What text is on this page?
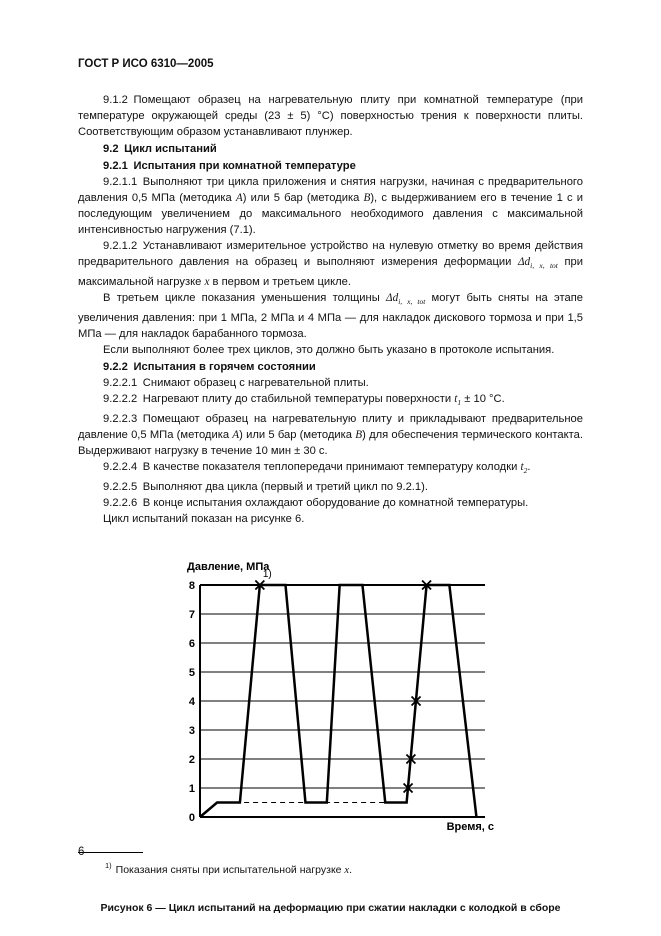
ГОСТ Р ИСО 6310—2005

9.1.2 Помещают образец на нагревательную плиту при комнатной температуре (при температуре окружающей среды (23 ± 5) °С) поверхностью трения к поверхности плиты. Соответствующим образом устанавливают плунжер.

9.2 Цикл испытаний

9.2.1 Испытания при комнатной температуре

9.2.1.1 Выполняют три цикла приложения и снятия нагрузки, начиная с предварительного давления 0,5 МПа (методика А) или 5 бар (методика В), с выдерживанием его в течение 1 с и последующим увеличением до максимального необходимого давления с максимальной интенсивностью нагружения (7.1).

9.2.1.2 Устанавливают измерительное устройство на нулевую отметку во время действия предварительного давления на образец и выполняют измерения деформации $\Delta d_{i, x, tot}$ при максимальной нагрузке x в первом и третьем цикле.

В третьем цикле показания уменьшения толщины $\Delta d_{i, x, tot}$ могут быть сняты на этапе увеличения давления: при 1 МПа, 2 МПа и 4 МПа — для накладок дискового тормоза и при 1,5 МПа — для накладок барабанного тормоза.

Если выполняют более трех циклов, это должно быть указано в протоколе испытания.

9.2.2 Испытания в горячем состоянии

9.2.2.1 Снимают образец с нагревательной плиты.

9.2.2.2 Нагревают плиту до стабильной температуры поверхности $t_1 \pm 10$ °С.

9.2.2.3 Помещают образец на нагревательную плиту и прикладывают предварительное давление 0,5 МПа (методика А) или 5 бар (методика В) для обеспечения термического контакта. Выдерживают нагрузку в течение 10 мин ± 30 с.

9.2.2.4 В качестве показателя теплопередачи принимают температуру колодки $t_2$.

9.2.2.5 Выполняют два цикла (первый и третий цикл по 9.2.1).

9.2.2.6 В конце испытания охлаждают оборудование до комнатной температуры.

Цикл испытаний показан на рисунке 6.

0
1
2
3
4
5
6
7
8
1)
Давление, МПа
Время, с
$^{1)}$ Показания сняты при испытательной нагрузке x.
Рисунок 6 — Цикл испытаний на деформацию при сжатии накладки с колодкой в сборе
6
